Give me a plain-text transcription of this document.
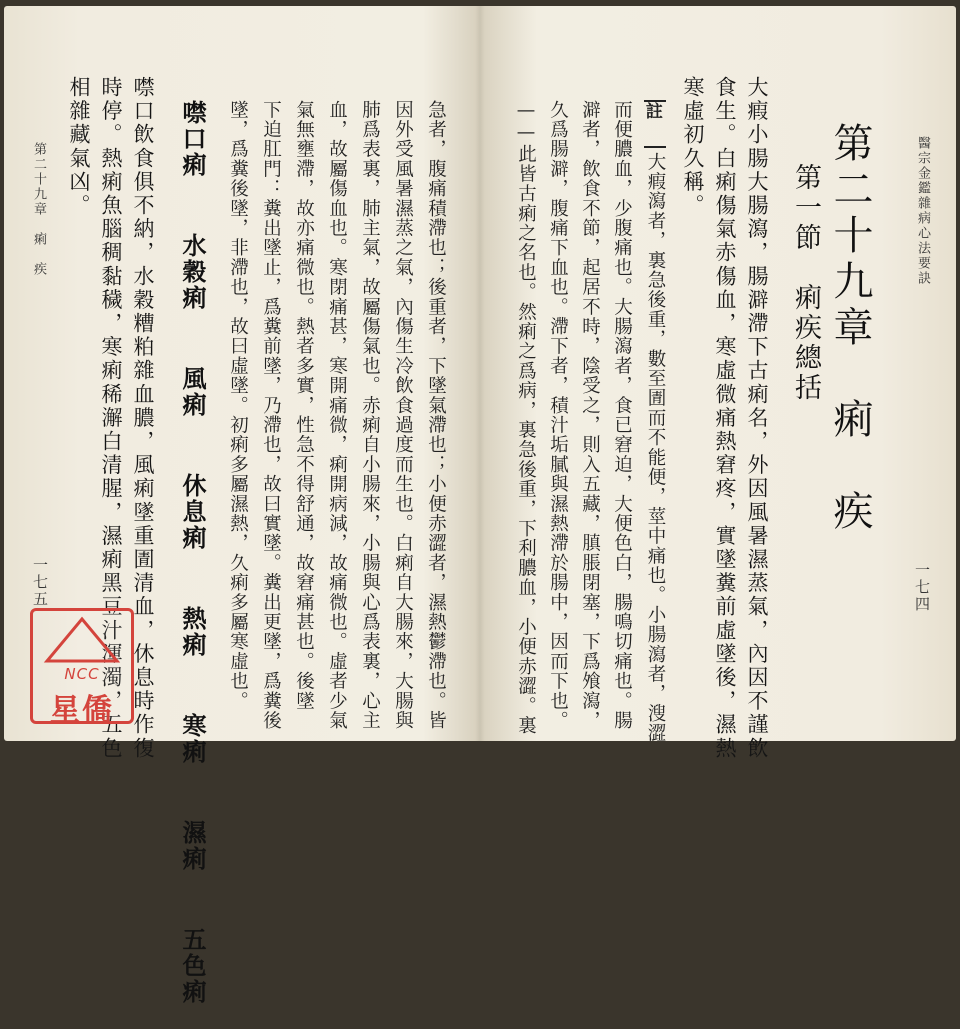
醫宗金鑑雜病心法要訣
一七四
第二十九章　痢　疾
第一節　痢疾總括
大瘕小腸大腸瀉，腸澼滯下古痢名，外因風暑濕蒸氣，內因不謹飲
食生。白痢傷氣赤傷血，寒虛微痛熱窘疼，實墜糞前虛墜後，濕熱
寒虛初久稱。
註大瘕瀉者，裏急後重，數至圊而不能便，莖中痛也。小腸瀉者，溲澀
而便膿血，少腹痛也。大腸瀉者，食已窘迫，大便色白，腸鳴切痛也。腸
澼者，飲食不節，起居不時，陰受之，則入五藏，䐜脹閉塞，下爲飧瀉，
久爲腸澼，腹痛下血也。滯下者，積汁垢膩與濕熱滯於腸中，因而下也。
——此皆古痢之名也。然痢之爲病，裏急後重，下利膿血，小便赤澀。裏
急者，腹痛積滯也；後重者，下墜氣滯也；小便赤澀者，濕熱鬱滯也。皆
因外受風暑濕蒸之氣，內傷生冷飲食過度而生也。白痢自大腸來，大腸與
肺爲表裏，肺主氣，故屬傷氣也。赤痢自小腸來，小腸與心爲表裏，心主
血，故屬傷血也。寒閉痛甚，寒開痛微，痢開病減，故痛微也。虛者少氣
氣無壅滯，故亦痛微也。熱者多實，性急不得舒通，故窘痛甚也。後墜
下迫肛門：糞出墜止，爲糞前墜，乃滯也，故曰實墜。糞出更墜，爲糞後
墜，爲糞後墜，非滯也，故曰虛墜。初痢多屬濕熱，久痢多屬寒虛也。
噤口痢 水穀痢 風痢 休息痢 熱痢 寒痢 濕痢 五色痢
噤口飲食俱不納，水穀糟粕雜血膿，風痢墜重圊清血，休息時作復
時停。熱痢魚腦稠黏穢，寒痢稀澥白清腥，濕痢黑豆汁渾濁，五色
相雜藏氣凶。
第二十九章　痢　疾
一七五
NCC
星僑
